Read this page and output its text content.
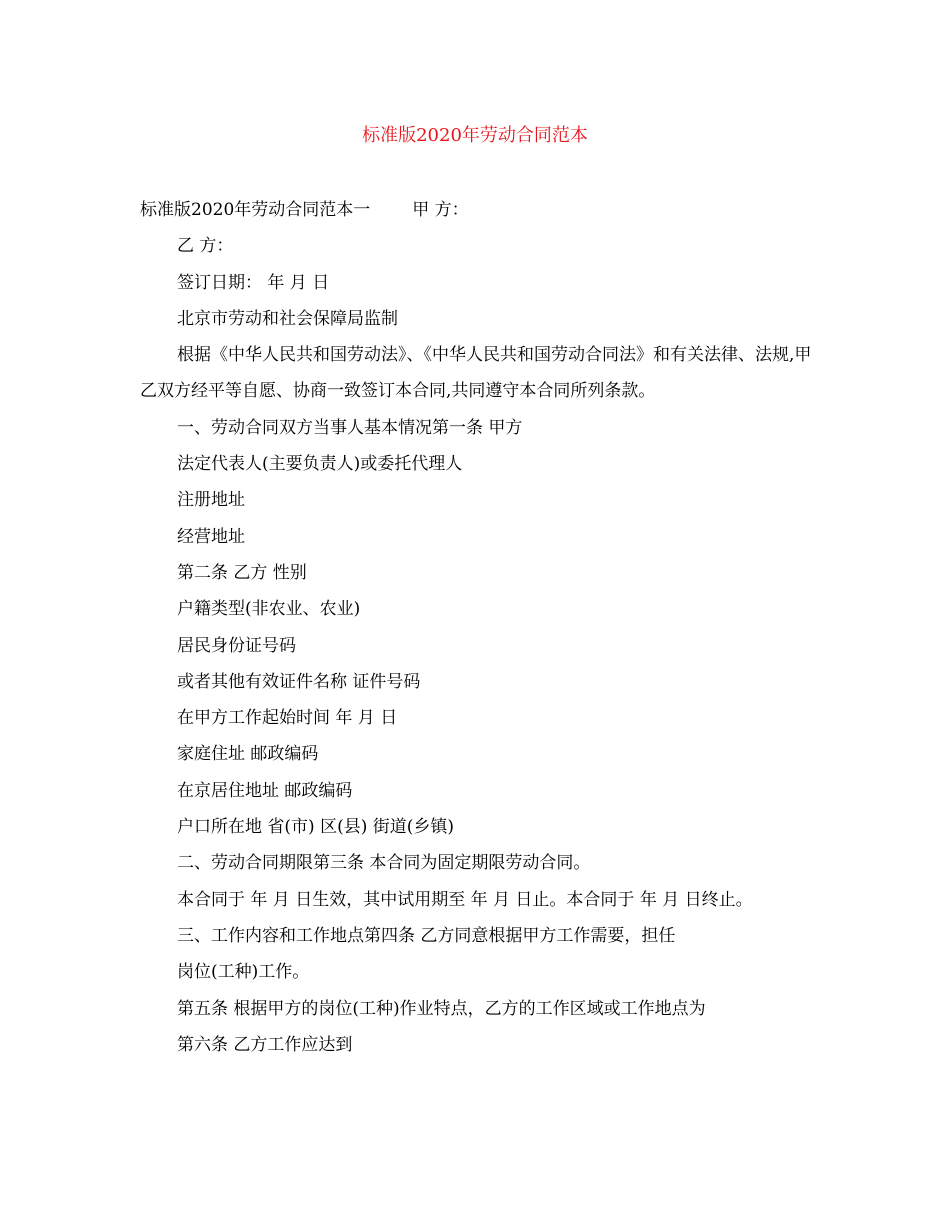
标准版2020年劳动合同范本

标准版2020年劳动合同范本一 甲 方：

乙 方：

签订日期： 年 月 日

北京市劳动和社会保障局监制

根据《中华人民共和国劳动法》、《中华人民共和国劳动合同法》和有关法律、法规,甲乙双方经平等自愿、协商一致签订本合同,共同遵守本合同所列条款。

一、劳动合同双方当事人基本情况第一条 甲方

法定代表人(主要负责人)或委托代理人

注册地址

经营地址

第二条 乙方 性别

户籍类型(非农业、农业)

居民身份证号码

或者其他有效证件名称 证件号码

在甲方工作起始时间 年 月 日

家庭住址 邮政编码

在京居住地址 邮政编码

户口所在地 省(市) 区(县) 街道(乡镇)

二、劳动合同期限第三条 本合同为固定期限劳动合同。

本合同于 年 月 日生效，其中试用期至 年 月 日止。本合同于 年 月 日终止。

三、工作内容和工作地点第四条 乙方同意根据甲方工作需要，担任

岗位(工种)工作。

第五条 根据甲方的岗位(工种)作业特点，乙方的工作区域或工作地点为

第六条 乙方工作应达到
